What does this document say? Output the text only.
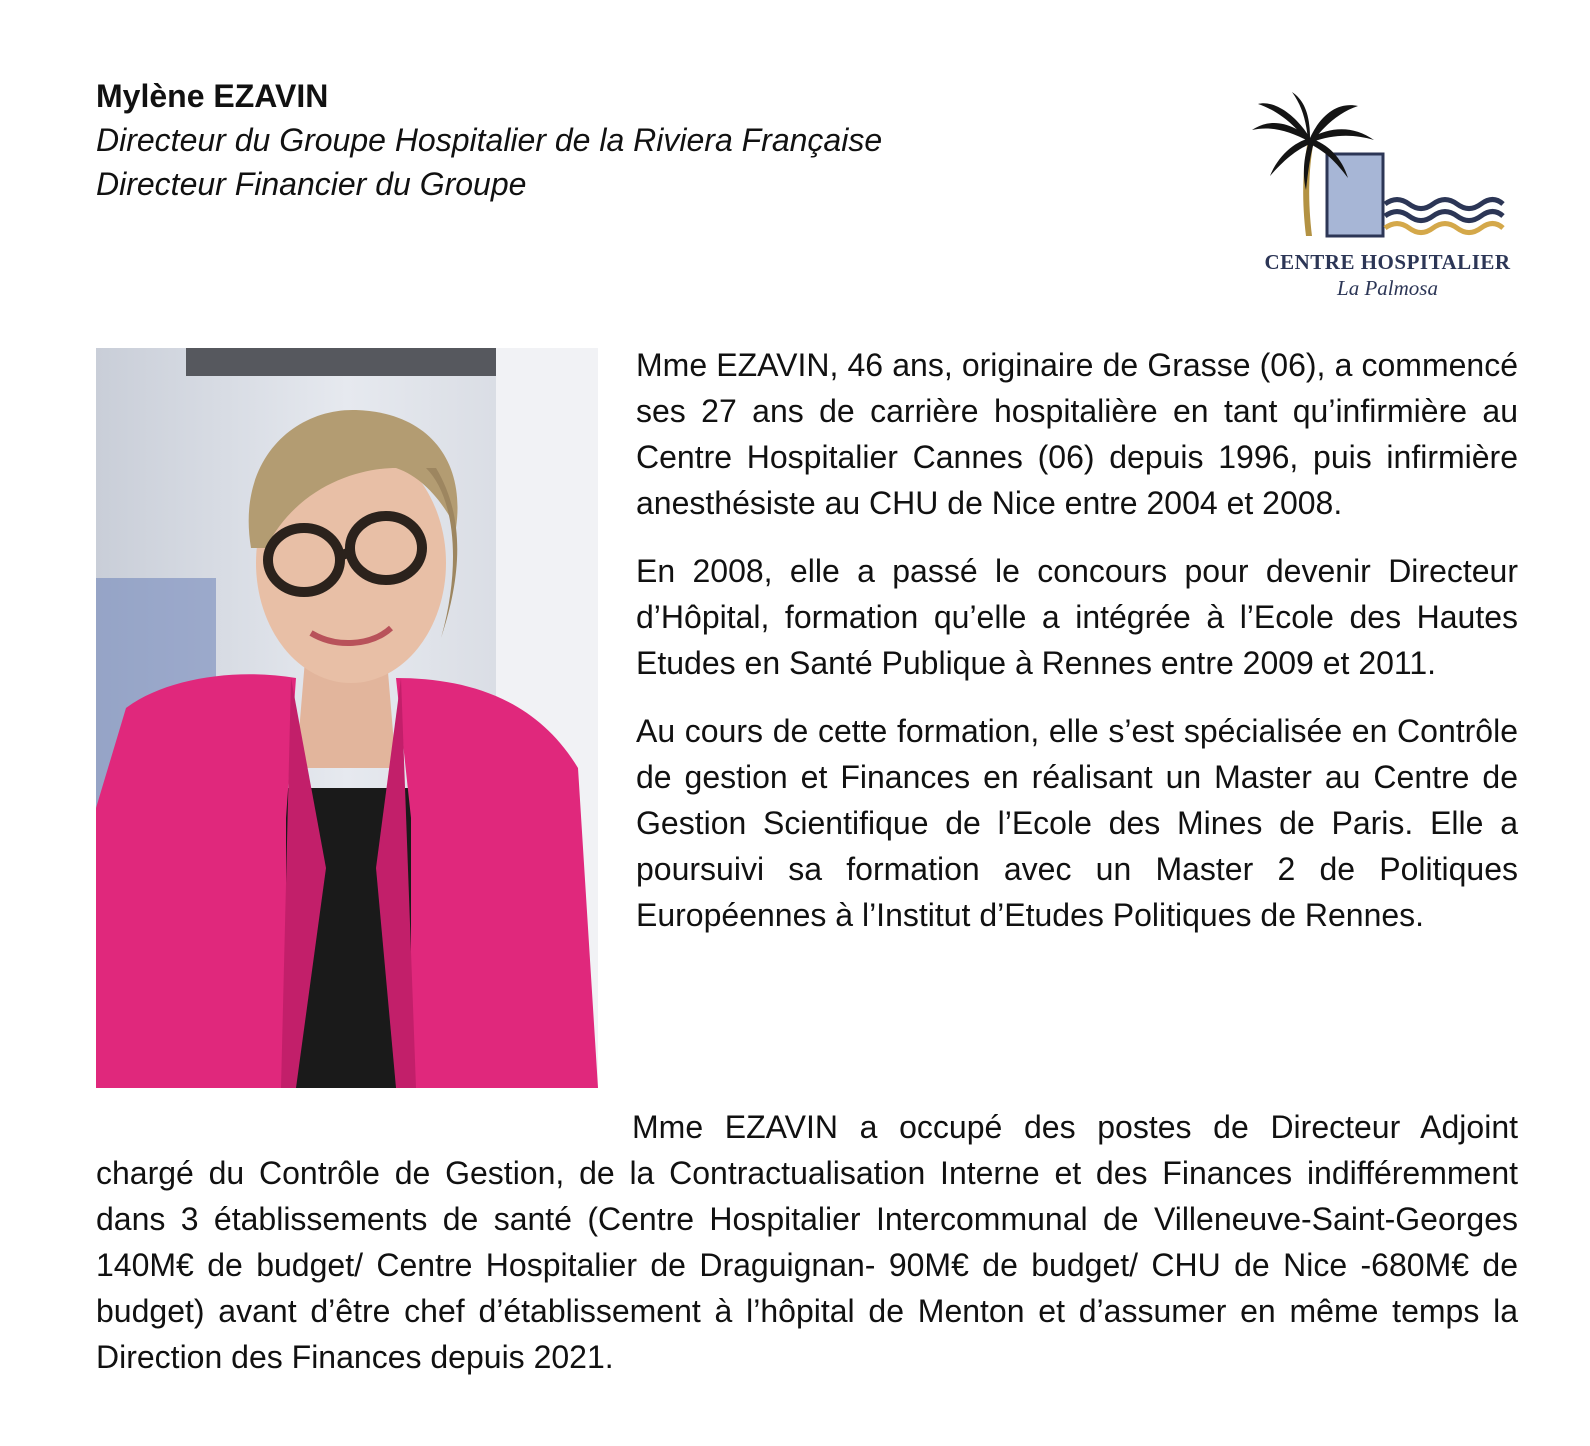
Mylène EZAVIN

Directeur du Groupe Hospitalier de la Riviera Française

Directeur Financier du Groupe

CENTRE HOSPITALIER
La Palmosa

Mme EZAVIN, 46 ans, originaire de Grasse (06), a commencé ses 27 ans de carrière hospitalière en tant qu’infirmière au Centre Hospitalier Cannes (06) depuis 1996, puis infirmière anesthésiste au CHU de Nice entre 2004 et 2008.

En 2008, elle a passé le concours pour devenir Directeur d’Hôpital, formation qu’elle a intégrée à l’Ecole des Hautes Etudes en Santé Publique à Rennes entre 2009 et 2011.

Au cours de cette formation, elle s’est spécialisée en Contrôle de gestion et Finances en réalisant un Master au Centre de Gestion Scientifique de l’Ecole des Mines de Paris. Elle a poursuivi sa formation avec un Master 2 de Politiques Européennes à l’Institut d’Etudes Politiques de Rennes.

Mme EZAVIN a occupé des postes de Directeur Adjoint chargé du Contrôle de Gestion, de la Contractualisation Interne et des Finances indifféremment dans 3 établissements de santé (Centre Hospitalier Intercommunal de Villeneuve-Saint-Georges 140M€ de budget/ Centre Hospitalier de Draguignan- 90M€ de budget/ CHU de Nice -680M€ de budget) avant d’être chef d’établissement à l’hôpital de Menton et d’assumer en même temps la Direction des Finances depuis 2021.
